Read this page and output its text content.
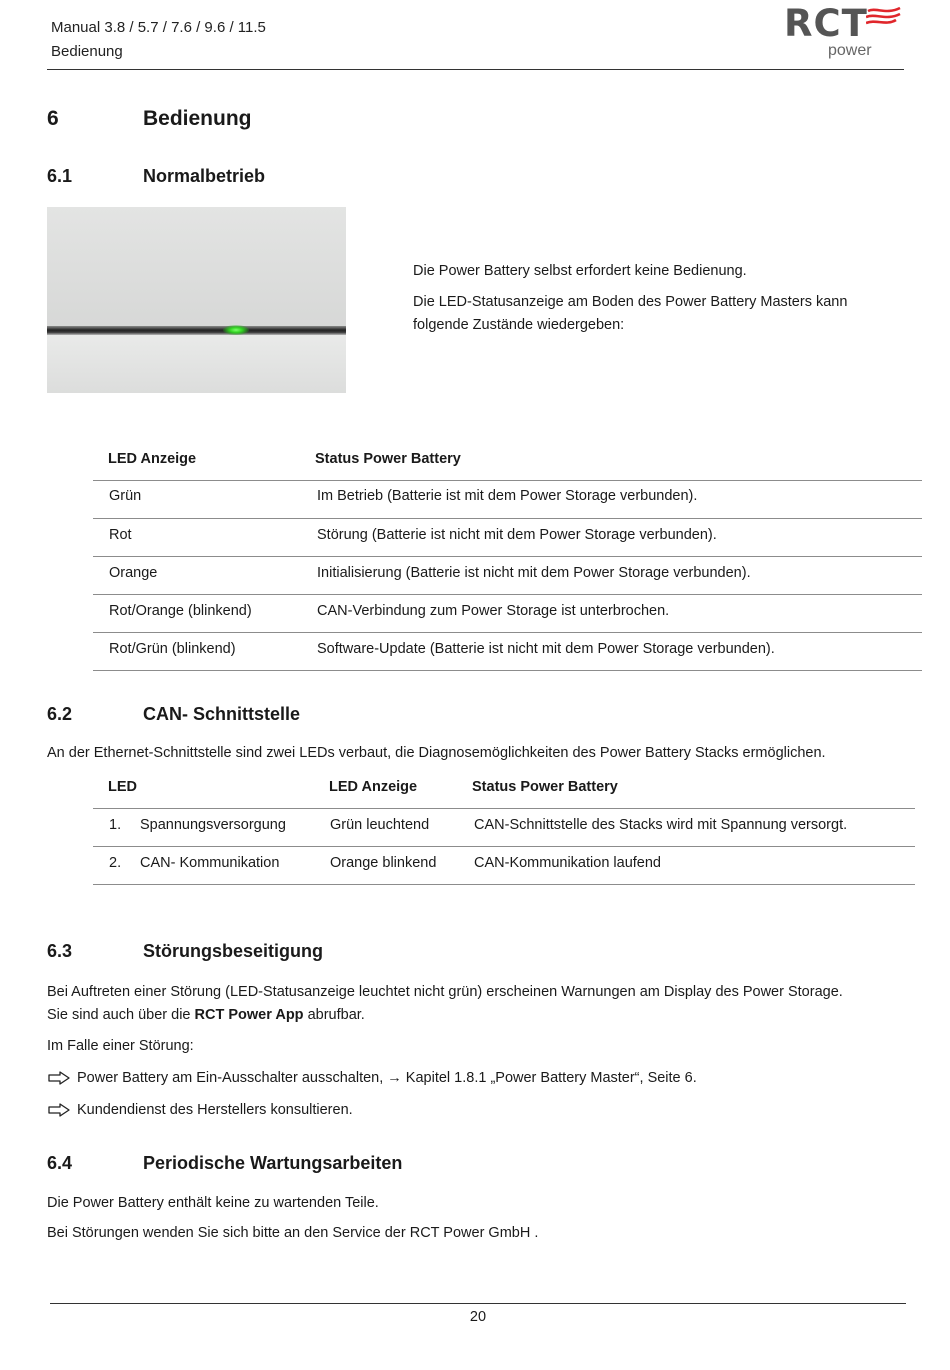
Manual 3.8 / 5.7 / 7.6 / 9.6 / 11.5
Bedienung
RCT
power
6	Bedienung
6.1	Normalbetrieb
Die Power Battery selbst erfordert keine Bedienung.
Die LED-Statusanzeige am Boden des Power Battery Masters kann
folgende Zustände wiedergeben:
LED Anzeige	Status Power Battery
Grün	Im Betrieb (Batterie ist mit dem Power Storage verbunden).
Rot	Störung (Batterie ist nicht mit dem Power Storage verbunden).
Orange	Initialisierung (Batterie ist nicht mit dem Power Storage verbunden).
Rot/Orange (blinkend)	CAN-Verbindung zum Power Storage ist unterbrochen.
Rot/Grün (blinkend)	Software-Update (Batterie ist nicht mit dem Power Storage verbunden).
6.2	CAN- Schnittstelle
An der Ethernet-Schnittstelle sind zwei LEDs verbaut, die Diagnosemöglichkeiten des Power Battery Stacks ermöglichen.
LED	LED Anzeige	Status Power Battery
1. Spannungsversorgung	Grün leuchtend	CAN-Schnittstelle des Stacks wird mit Spannung versorgt.
2. CAN- Kommunikation	Orange blinkend	CAN-Kommunikation laufend
6.3	Störungsbeseitigung
Bei Auftreten einer Störung (LED-Statusanzeige leuchtet nicht grün) erscheinen Warnungen am Display des Power Storage.
Sie sind auch über die RCT Power App abrufbar.
Im Falle einer Störung:
Power Battery am Ein-Ausschalter ausschalten, → Kapitel 1.8.1 „Power Battery Master“, Seite 6.
Kundendienst des Herstellers konsultieren.
6.4	Periodische Wartungsarbeiten
Die Power Battery enthält keine zu wartenden Teile.
Bei Störungen wenden Sie sich bitte an den Service der RCT Power GmbH .
20
